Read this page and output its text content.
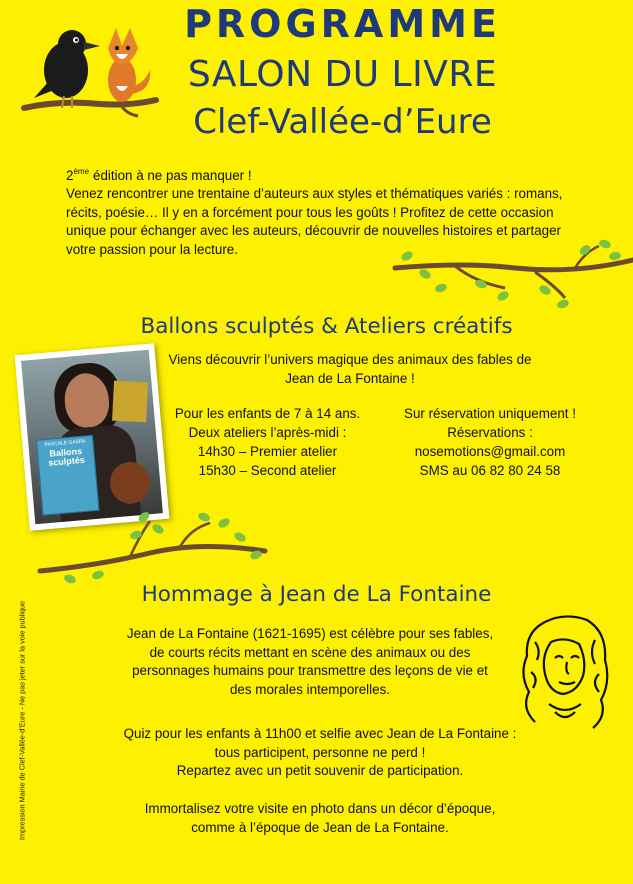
PROGRAMME
SALON DU LIVRE
Clef-Vallée-d’Eure
2ème édition à ne pas manquer !
Venez rencontrer une trentaine d’auteurs aux styles et thématiques variés : romans, récits, poésie… Il y en a forcément pour tous les goûts ! Profitez de cette occasion unique pour échanger avec les auteurs, découvrir de nouvelles histoires et partager votre passion pour la lecture.
Ballons sculptés & Ateliers créatifs
PASCALE GASPA
Ballons sculptés
Viens découvrir l’univers magique des animaux des fables de
Jean de La Fontaine !
Pour les enfants de 7 à 14 ans.
Deux ateliers l’après-midi :
14h30 – Premier atelier
15h30 – Second atelier
Sur réservation uniquement !
Réservations :
nosemotions@gmail.com
SMS au 06 82 80 24 58
Hommage à Jean de La Fontaine
Jean de La Fontaine (1621-1695) est célèbre pour ses fables,
de courts récits mettant en scène des animaux ou des
personnages humains pour transmettre des leçons de vie et
des morales intemporelles.
Quiz pour les enfants à 11h00 et selfie avec Jean de La Fontaine :
tous participent, personne ne perd !
Repartez avec un petit souvenir de participation.
Immortalisez votre visite en photo dans un décor d’époque,
comme à l’époque de Jean de La Fontaine.
Impression Mairie de Clef-Vallée-d’Eure - Ne pas jeter sur la voie publique
